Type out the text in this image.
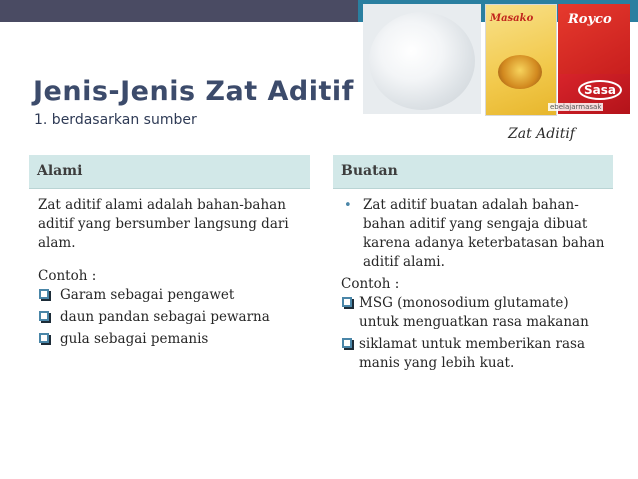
Jenis-Jenis Zat Aditif
1. berdasarkan sumber
Masako	Royco
Sasa
ebelajarmasak
Zat Aditif
Alami	Buatan

Zat aditif alami adalah bahan-bahan aditif yang bersumber langsung dari alam.

Contoh :

Garam sebagai pengawet
daun pandan sebagai pewarna
gula sebagai pemanis
• Zat aditif buatan adalah bahan-bahan aditif yang sengaja dibuat karena adanya keterbatasan bahan aditif alami.

Contoh :

MSG (monosodium glutamate) untuk menguatkan rasa makanan
siklamat untuk memberikan rasa manis yang lebih kuat.
